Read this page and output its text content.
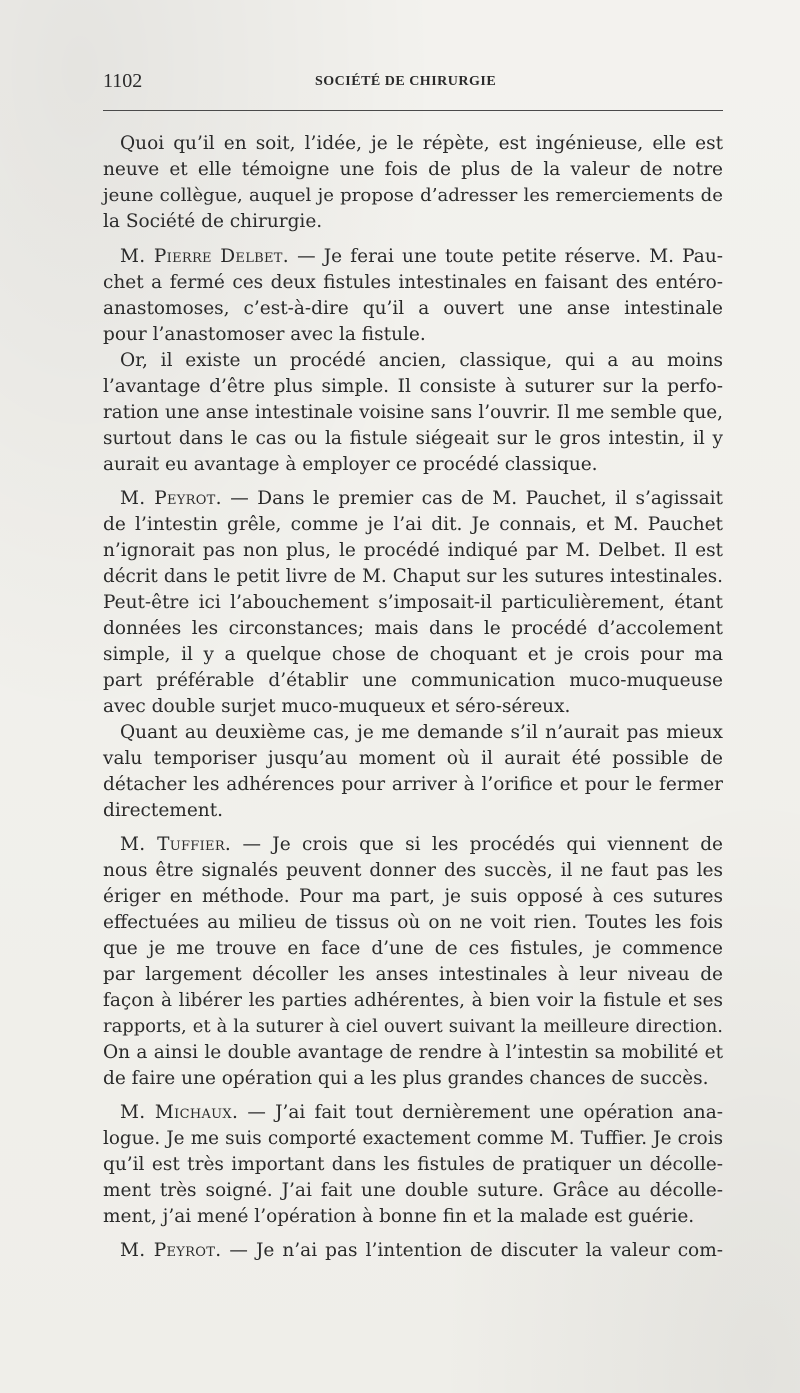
1102	SOCIÉTÉ DE CHIRURGIE
Quoi qu’il en soit, l’idée, je le répète, est ingénieuse, elle est
neuve et elle témoigne une fois de plus de la valeur de notre
jeune collègue, auquel je propose d’adresser les remerciements de
la Société de chirurgie.
M. Pierre Delbet. — Je ferai une toute petite réserve. M. Pau-
chet a fermé ces deux fistules intestinales en faisant des entéro-
anastomoses, c’est-à-dire qu’il a ouvert une anse intestinale
pour l’anastomoser avec la fistule.
Or, il existe un procédé ancien, classique, qui a au moins
l’avantage d’être plus simple. Il consiste à suturer sur la perfo-
ration une anse intestinale voisine sans l’ouvrir. Il me semble que,
surtout dans le cas ou la fistule siégeait sur le gros intestin, il y
aurait eu avantage à employer ce procédé classique.
M. Peyrot. — Dans le premier cas de M. Pauchet, il s’agissait
de l’intestin grêle, comme je l’ai dit. Je connais, et M. Pauchet
n’ignorait pas non plus, le procédé indiqué par M. Delbet. Il est
décrit dans le petit livre de M. Chaput sur les sutures intestinales.
Peut-être ici l’abouchement s’imposait-il particulièrement, étant
données les circonstances; mais dans le procédé d’accolement
simple, il y a quelque chose de choquant et je crois pour ma
part préférable d’établir une communication muco-muqueuse
avec double surjet muco-muqueux et séro-séreux.
Quant au deuxième cas, je me demande s’il n’aurait pas mieux
valu temporiser jusqu’au moment où il aurait été possible de
détacher les adhérences pour arriver à l’orifice et pour le fermer
directement.
M. Tuffier. — Je crois que si les procédés qui viennent de
nous être signalés peuvent donner des succès, il ne faut pas les
ériger en méthode. Pour ma part, je suis opposé à ces sutures
effectuées au milieu de tissus où on ne voit rien. Toutes les fois
que je me trouve en face d’une de ces fistules, je commence
par largement décoller les anses intestinales à leur niveau de
façon à libérer les parties adhérentes, à bien voir la fistule et ses
rapports, et à la suturer à ciel ouvert suivant la meilleure direction.
On a ainsi le double avantage de rendre à l’intestin sa mobilité et
de faire une opération qui a les plus grandes chances de succès.
M. Michaux. — J’ai fait tout dernièrement une opération ana-
logue. Je me suis comporté exactement comme M. Tuffier. Je crois
qu’il est très important dans les fistules de pratiquer un décolle-
ment très soigné. J’ai fait une double suture. Grâce au décolle-
ment, j’ai mené l’opération à bonne fin et la malade est guérie.
M. Peyrot. — Je n’ai pas l’intention de discuter la valeur com-
